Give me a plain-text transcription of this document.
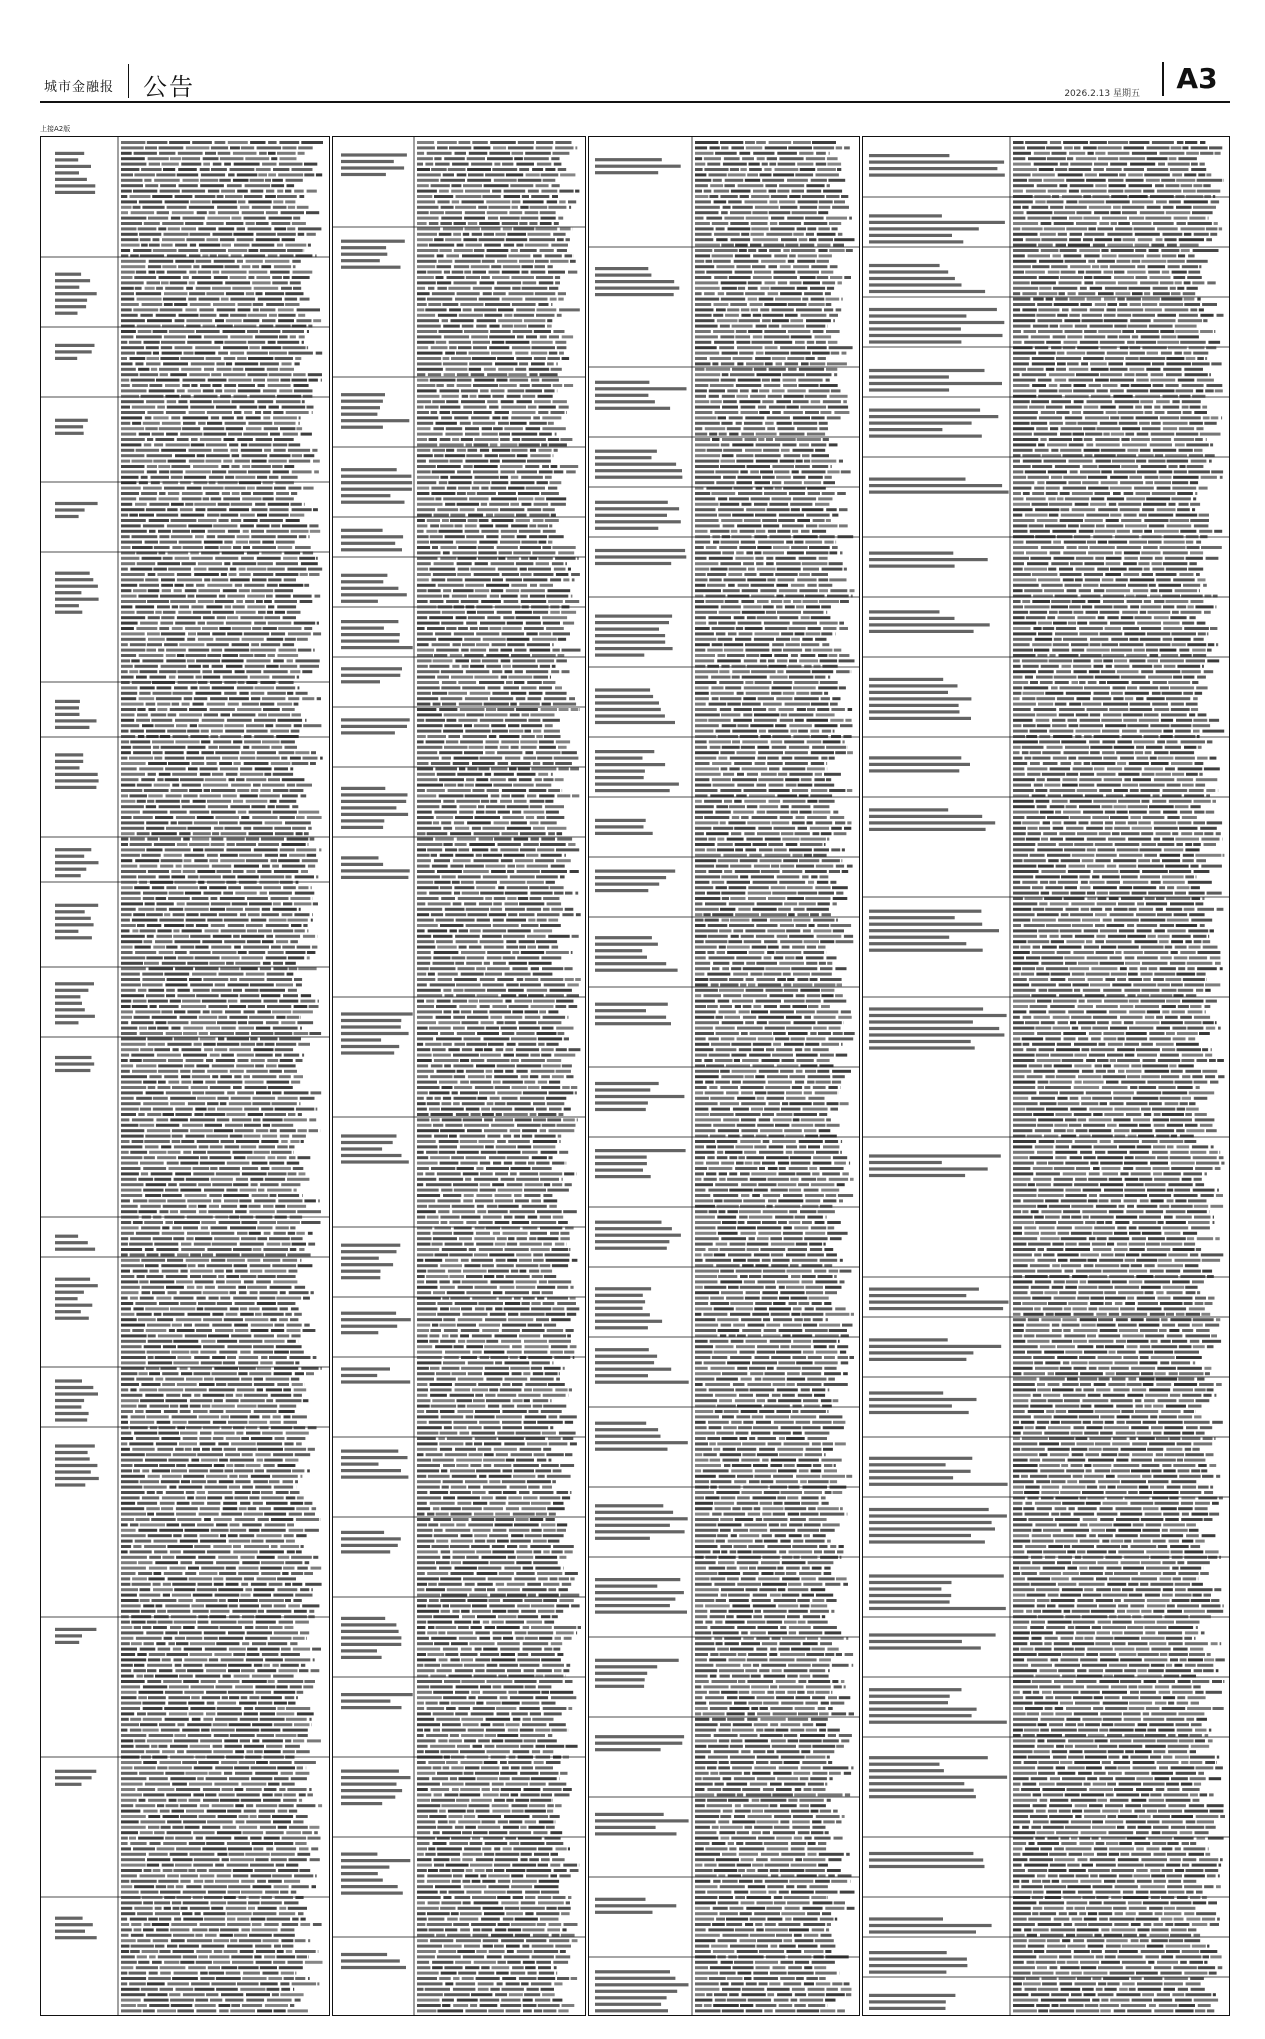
城市金融报 公告	2026.2.13 星期五	A3
上接A2版
